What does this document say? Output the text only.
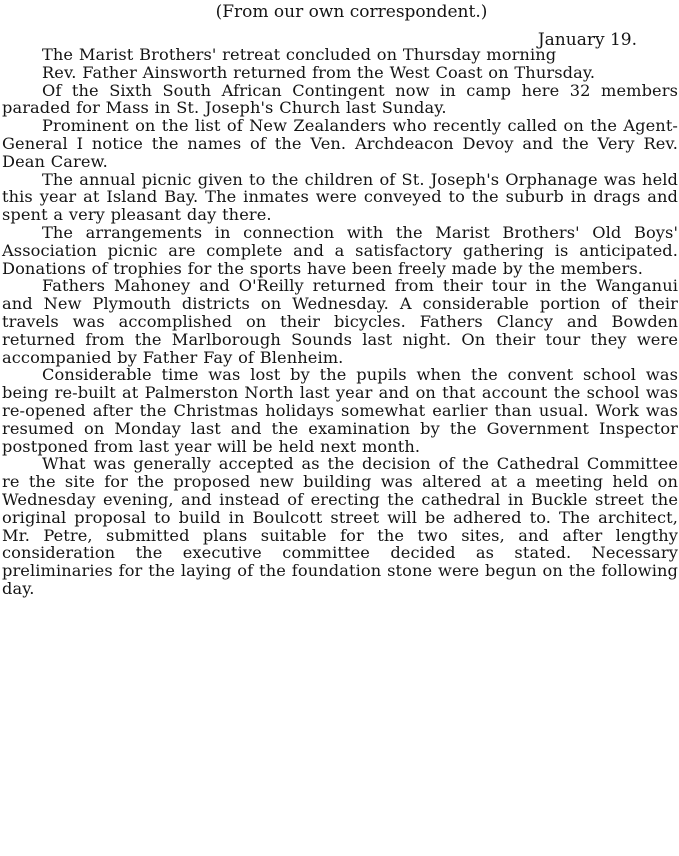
(From our own correspondent.)
January 19.

The Marist Brothers' retreat concluded on Thursday morning

Rev. Father Ainsworth returned from the West Coast on Thursday.

Of the Sixth South African Contingent now in camp here 32 members paraded for Mass in St. Joseph's Church last Sunday.

Prominent on the list of New Zealanders who recently called on the Agent-General I notice the names of the Ven. Archdeacon Devoy and the Very Rev. Dean Carew.

The annual picnic given to the children of St. Joseph's Orphanage was held this year at Island Bay. The inmates were conveyed to the suburb in drags and spent a very pleasant day there.

The arrangements in connection with the Marist Brothers' Old Boys' Association picnic are complete and a satisfactory gathering is anticipated. Donations of trophies for the sports have been freely made by the members.

Fathers Mahoney and O'Reilly returned from their tour in the Wanganui and New Plymouth districts on Wednesday. A considerable portion of their travels was accomplished on their bicycles. Fathers Clancy and Bowden returned from the Marlborough Sounds last night. On their tour they were accompanied by Father Fay of Blenheim.

Considerable time was lost by the pupils when the convent school was being re-built at Palmerston North last year and on that account the school was re-opened after the Christmas holidays somewhat earlier than usual. Work was resumed on Monday last and the examination by the Government Inspector postponed from last year will be held next month.

What was generally accepted as the decision of the Cathedral Committee re the site for the proposed new building was altered at a meeting held on Wednesday evening, and instead of erecting the cathedral in Buckle street the original proposal to build in Boulcott street will be adhered to. The architect, Mr. Petre, submitted plans suitable for the two sites, and after lengthy consideration the executive committee decided as stated. Necessary preliminaries for the laying of the foundation stone were begun on the following day.
